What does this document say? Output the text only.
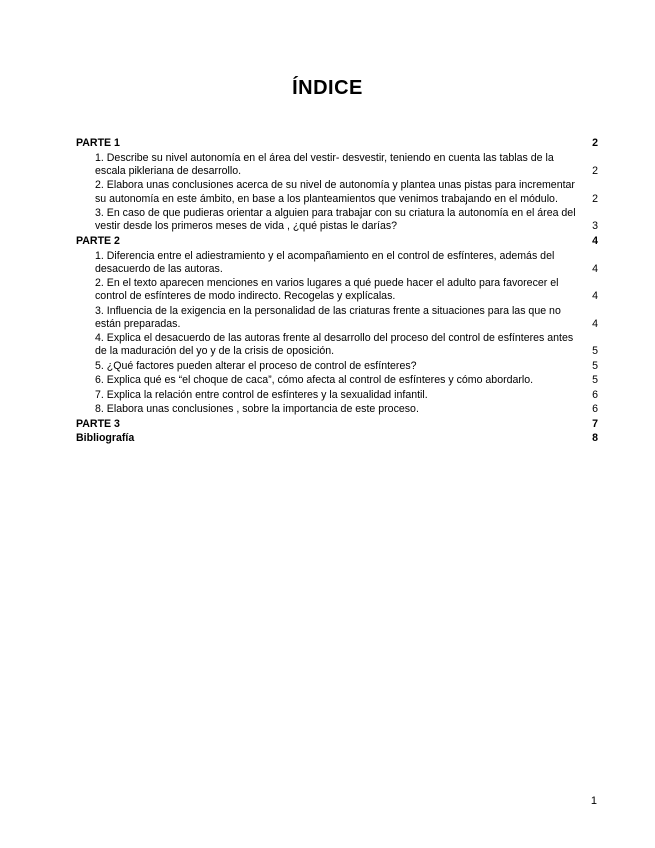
ÍNDICE
PARTE 1	2
1. Describe su nivel autonomía en el área del vestir- desvestir, teniendo en cuenta las tablas de la escala pikleriana de desarrollo.	2
2. Elabora unas conclusiones acerca de su nivel de autonomía y plantea unas pistas para incrementar su autonomía en este ámbito, en base a los planteamientos que venimos trabajando en el módulo.	2
3. En caso de que pudieras orientar a alguien para trabajar con su criatura la autonomía en el área del vestir desde los primeros meses de vida , ¿qué pistas le darías?	3
PARTE 2	4
1. Diferencia entre el adiestramiento y el acompañamiento en el control de esfínteres, además del desacuerdo de las autoras.	4
2. En el texto aparecen menciones en varios lugares a qué puede hacer el adulto para favorecer el control de esfínteres de modo indirecto. Recogelas y explícalas.	4
3. Influencia de la exigencia en la personalidad de las criaturas frente a situaciones para las que no están preparadas.	4
4. Explica el desacuerdo de las autoras frente al desarrollo del proceso del control de esfínteres antes de la maduración del yo y de la crisis de oposición.	5
5. ¿Qué factores pueden alterar el proceso de control de esfínteres?	5
6. Explica qué es “el choque de caca”, cómo afecta al control de esfínteres y cómo abordarlo.	5
7. Explica la relación entre control de esfínteres y la sexualidad infantil.	6
8. Elabora unas conclusiones , sobre la importancia de este proceso.	6
PARTE 3	7
Bibliografía	8
1
